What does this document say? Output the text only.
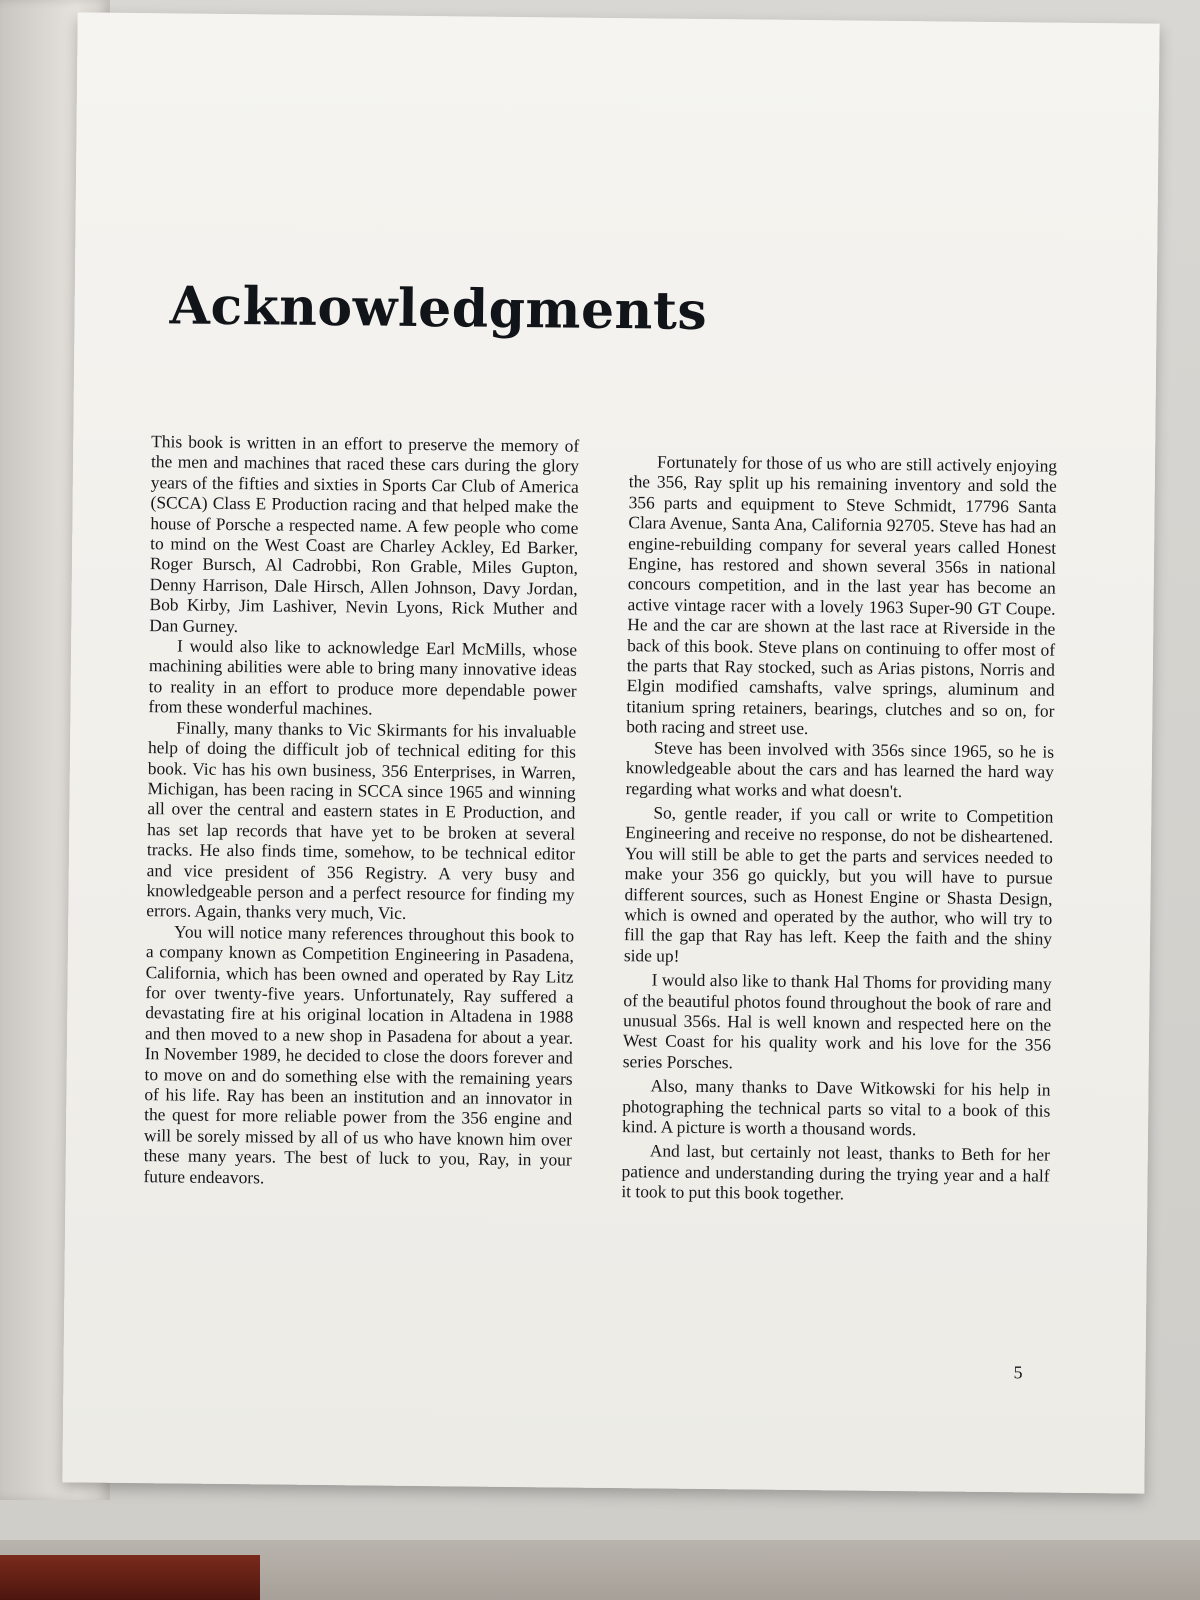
Acknowledgments

This book is written in an effort to preserve the memory of the men and machines that raced these cars during the glory years of the fifties and sixties in Sports Car Club of America (SCCA) Class E Production racing and that helped make the house of Porsche a respected name. A few people who come to mind on the West Coast are Charley Ackley, Ed Barker, Roger Bursch, Al Cadrobbi, Ron Grable, Miles Gupton, Denny Harrison, Dale Hirsch, Allen Johnson, Davy Jordan, Bob Kirby, Jim Lashiver, Nevin Lyons, Rick Muther and Dan Gurney.

I would also like to acknowledge Earl McMills, whose machining abilities were able to bring many innovative ideas to reality in an effort to produce more dependable power from these wonderful machines.

Finally, many thanks to Vic Skirmants for his invaluable help of doing the difficult job of technical editing for this book. Vic has his own business, 356 Enterprises, in Warren, Michigan, has been racing in SCCA since 1965 and winning all over the central and eastern states in E Production, and has set lap records that have yet to be broken at several tracks. He also finds time, somehow, to be technical editor and vice president of 356 Registry. A very busy and knowledgeable person and a perfect resource for finding my errors. Again, thanks very much, Vic.

You will notice many references throughout this book to a company known as Competition Engineering in Pasadena, California, which has been owned and operated by Ray Litz for over twenty-five years. Unfortunately, Ray suffered a devastating fire at his original location in Altadena in 1988 and then moved to a new shop in Pasadena for about a year. In November 1989, he decided to close the doors forever and to move on and do something else with the remaining years of his life. Ray has been an institution and an innovator in the quest for more reliable power from the 356 engine and will be sorely missed by all of us who have known him over these many years. The best of luck to you, Ray, in your future endeavors.

Fortunately for those of us who are still actively enjoying the 356, Ray split up his remaining inventory and sold the 356 parts and equipment to Steve Schmidt, 17796 Santa Clara Avenue, Santa Ana, California 92705. Steve has had an engine-rebuilding company for several years called Honest Engine, has restored and shown several 356s in national concours competition, and in the last year has become an active vintage racer with a lovely 1963 Super-90 GT Coupe. He and the car are shown at the last race at Riverside in the back of this book. Steve plans on continuing to offer most of the parts that Ray stocked, such as Arias pistons, Norris and Elgin modified camshafts, valve springs, aluminum and titanium spring retainers, bearings, clutches and so on, for both racing and street use.

Steve has been involved with 356s since 1965, so he is knowledgeable about the cars and has learned the hard way regarding what works and what doesn't.

So, gentle reader, if you call or write to Competition Engineering and receive no response, do not be disheartened. You will still be able to get the parts and services needed to make your 356 go quickly, but you will have to pursue different sources, such as Honest Engine or Shasta Design, which is owned and operated by the author, who will try to fill the gap that Ray has left. Keep the faith and the shiny side up!

I would also like to thank Hal Thoms for providing many of the beautiful photos found throughout the book of rare and unusual 356s. Hal is well known and respected here on the West Coast for his quality work and his love for the 356 series Porsches.

Also, many thanks to Dave Witkowski for his help in photographing the technical parts so vital to a book of this kind. A picture is worth a thousand words.

And last, but certainly not least, thanks to Beth for her patience and understanding during the trying year and a half it took to put this book together.

5
